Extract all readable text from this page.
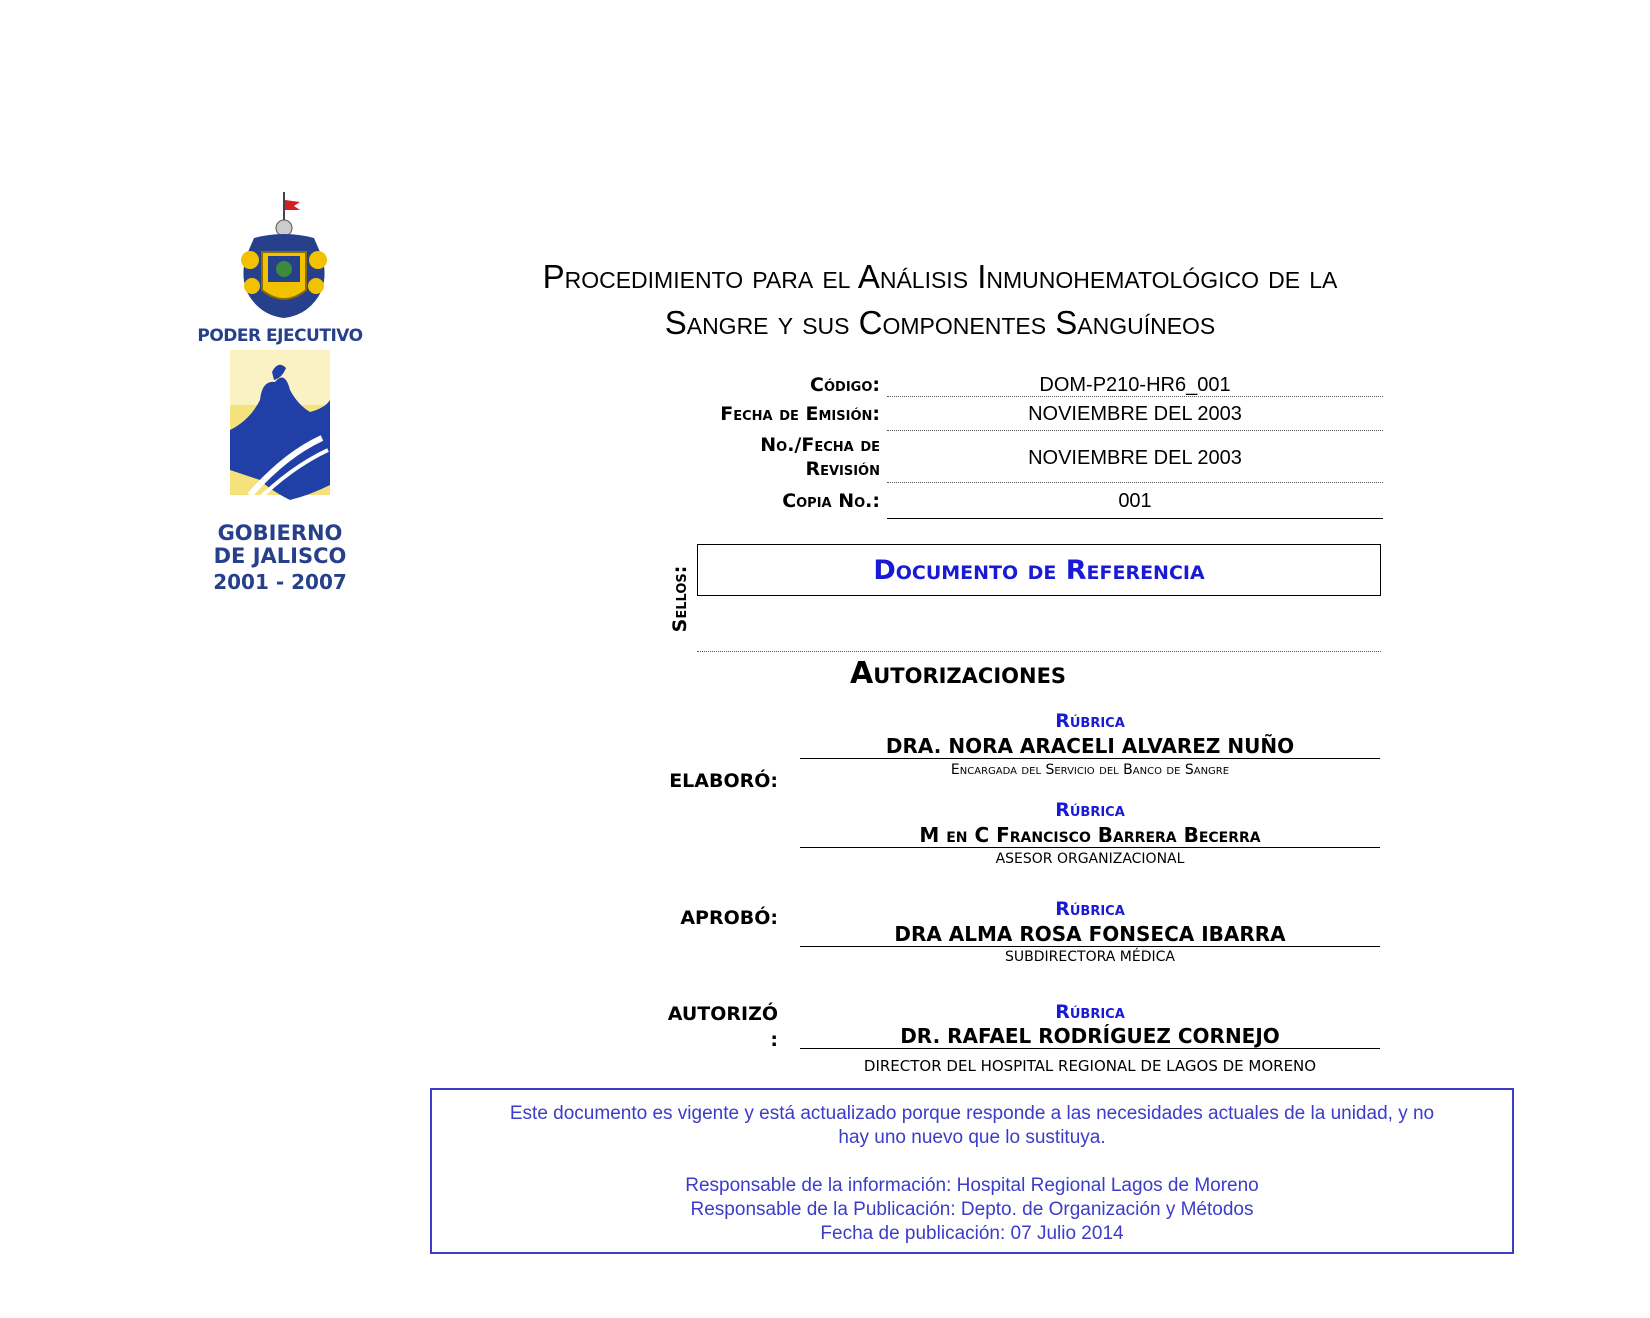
PODER EJECUTIVO
GOBIERNO
DE JALISCO
2001 - 2007
Procedimiento para el Análisis Inmunohematológico de la
Sangre y sus Componentes Sanguíneos
Código:	DOM-P210-HR6_001
Fecha de Emisión:	NOVIEMBRE DEL 2003
No./Fecha de
Revisión	NOVIEMBRE DEL 2003
Copia No.:	001
Sellos:	Documento de Referencia
Autorizaciones
ELABORÓ:
Rúbrica
DRA. NORA ARACELI ALVAREZ NUÑO
Encargada del Servicio del Banco de Sangre
Rúbrica
M en C Francisco Barrera Becerra
ASESOR ORGANIZACIONAL
APROBÓ:	Rúbrica
DRA ALMA ROSA FONSECA IBARRA
SUBDIRECTORA MÉDICA
AUTORIZÓ
:
Rúbrica
DR. RAFAEL RODRÍGUEZ CORNEJO
DIRECTOR DEL HOSPITAL REGIONAL DE LAGOS DE MORENO

Este documento es vigente y está actualizado porque responde a las necesidades actuales de la unidad, y no

hay uno nuevo que lo sustituya.

Responsable de la información: Hospital Regional Lagos de Moreno

Responsable de la Publicación: Depto. de Organización y Métodos

Fecha de publicación: 07 Julio 2014
